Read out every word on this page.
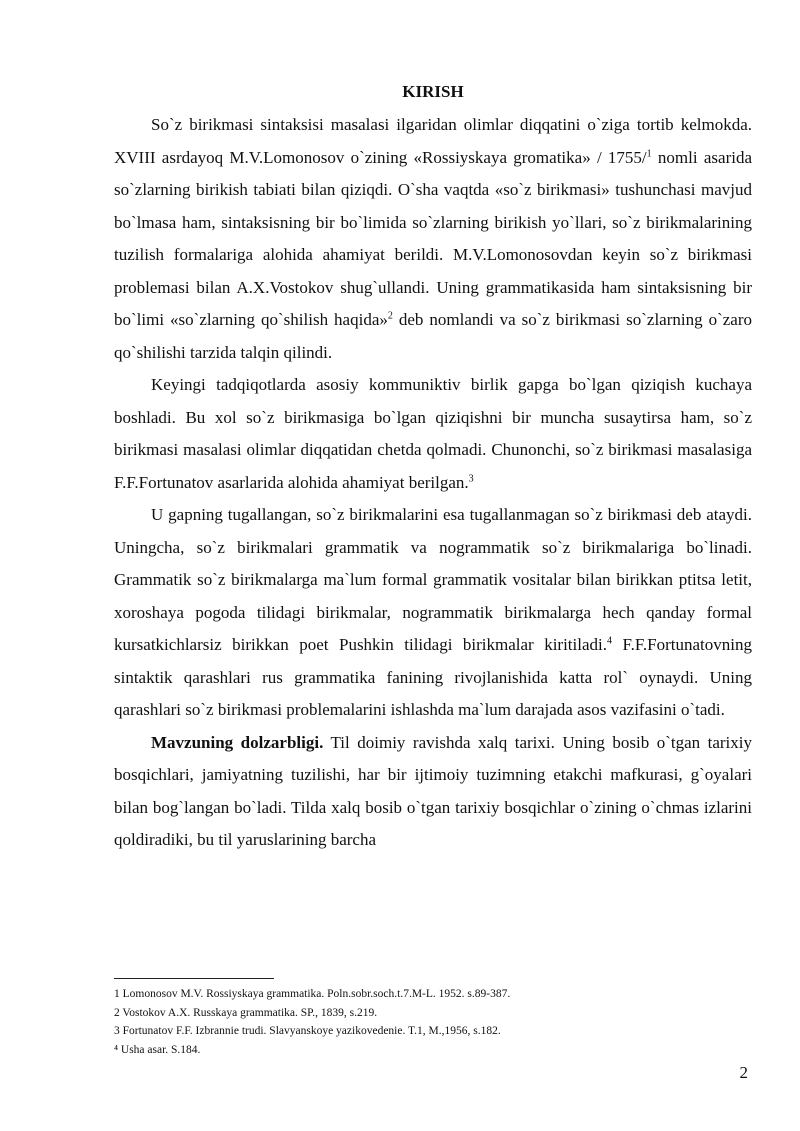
KIRISH

So`z birikmasi sintaksisi masalasi ilgaridan olimlar diqqatini o`ziga tortib kelmokda. XVIII asrdayoq M.V.Lomonosov o`zining «Rossiyskaya gromatika» / 1755/$^1$ nomli asarida so`zlarning birikish tabiati bilan qiziqdi. O`sha vaqtda «so`z birikmasi» tushunchasi mavjud bo`lmasa ham, sintaksisning bir bo`limida so`zlarning birikish yo`llari, so`z birikmalarining tuzilish formalariga alohida ahamiyat berildi. M.V.Lomonosovdan keyin so`z birikmasi problemasi bilan A.X.Vostokov shug`ullandi. Uning grammatikasida ham sintaksisning bir bo`limi «so`zlarning qo`shilish haqida»$^2$ deb nomlandi va so`z birikmasi so`zlarning o`zaro qo`shilishi tarzida talqin qilindi.

Keyingi tadqiqotlarda asosiy kommuniktiv birlik gapga bo`lgan qiziqish kuchaya boshladi. Bu xol so`z birikmasiga bo`lgan qiziqishni bir muncha susaytirsa ham, so`z birikmasi masalasi olimlar diqqatidan chetda qolmadi. Chunonchi, so`z birikmasi masalasiga F.F.Fortunatov asarlarida alohida ahamiyat berilgan.$^3$

U gapning tugallangan, so`z birikmalarini esa tugallanmagan so`z birikmasi deb ataydi. Uningcha, so`z birikmalari grammatik va nogrammatik so`z birikmalariga bo`linadi. Grammatik so`z birikmalarga ma`lum formal grammatik vositalar bilan birikkan ptitsa letit, xoroshaya pogoda tilidagi birikmalar, nogrammatik birikmalarga hech qanday formal kursatkichlarsiz birikkan poet Pushkin tilidagi birikmalar kiritiladi.$^4$ F.F.Fortunatovning sintaktik qarashlari rus grammatika fanining rivojlanishida katta rol` oynaydi. Uning qarashlari so`z birikmasi problemalarini ishlashda ma`lum darajada asos vazifasini o`tadi.

Mavzuning dolzarbligi. Til doimiy ravishda xalq tarixi. Uning bosib o`tgan tarixiy bosqichlari, jamiyatning tuzilishi, har bir ijtimoiy tuzimning etakchi mafkurasi, g`oyalari bilan bog`langan bo`ladi. Tilda xalq bosib o`tgan tarixiy bosqichlar o`zining o`chmas izlarini qoldiradiki, bu til yaruslarining barcha

1 Lomonosov M.V. Rossiyskaya grammatika. Poln.sobr.soch.t.7.M-L. 1952. s.89-387.

2 Vostokov A.X. Russkaya grammatika. SP., 1839, s.219.

3 Fortunatov F.F. Izbrannie trudi. Slavyanskoye yazikovedenie. T.1, M.,1956, s.182.

⁴ Usha asar. S.184.

2
